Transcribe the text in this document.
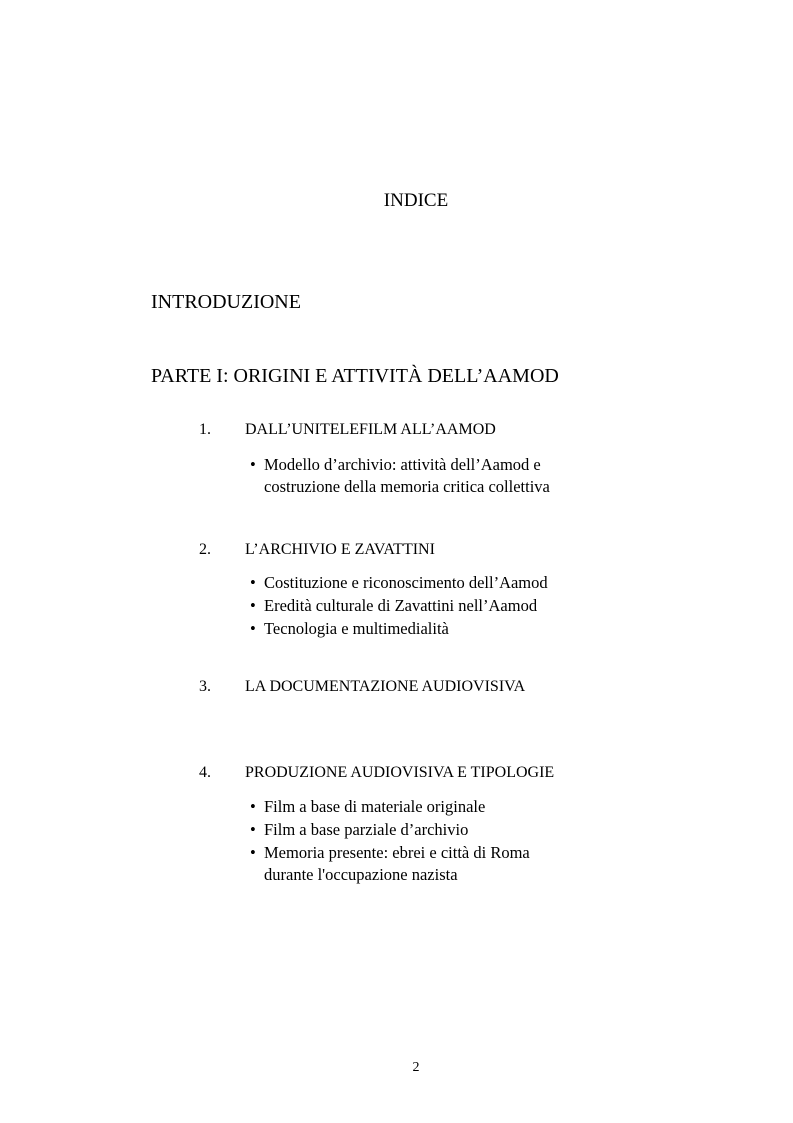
INDICE
INTRODUZIONE
PARTE I: ORIGINI E ATTIVITÀ DELL’AAMOD
1. DALL’UNITELEFILM ALL’AAMOD
• Modello d’archivio: attività dell’Aamod e
costruzione della memoria critica collettiva
2. L’ARCHIVIO E ZAVATTINI
• Costituzione e riconoscimento dell’Aamod
• Eredità culturale di Zavattini nell’Aamod
• Tecnologia e multimedialità
3. LA DOCUMENTAZIONE AUDIOVISIVA
4. PRODUZIONE AUDIOVISIVA E TIPOLOGIE
• Film a base di materiale originale
• Film a base parziale d’archivio
• Memoria presente: ebrei e città di Roma
durante l'occupazione nazista
2
